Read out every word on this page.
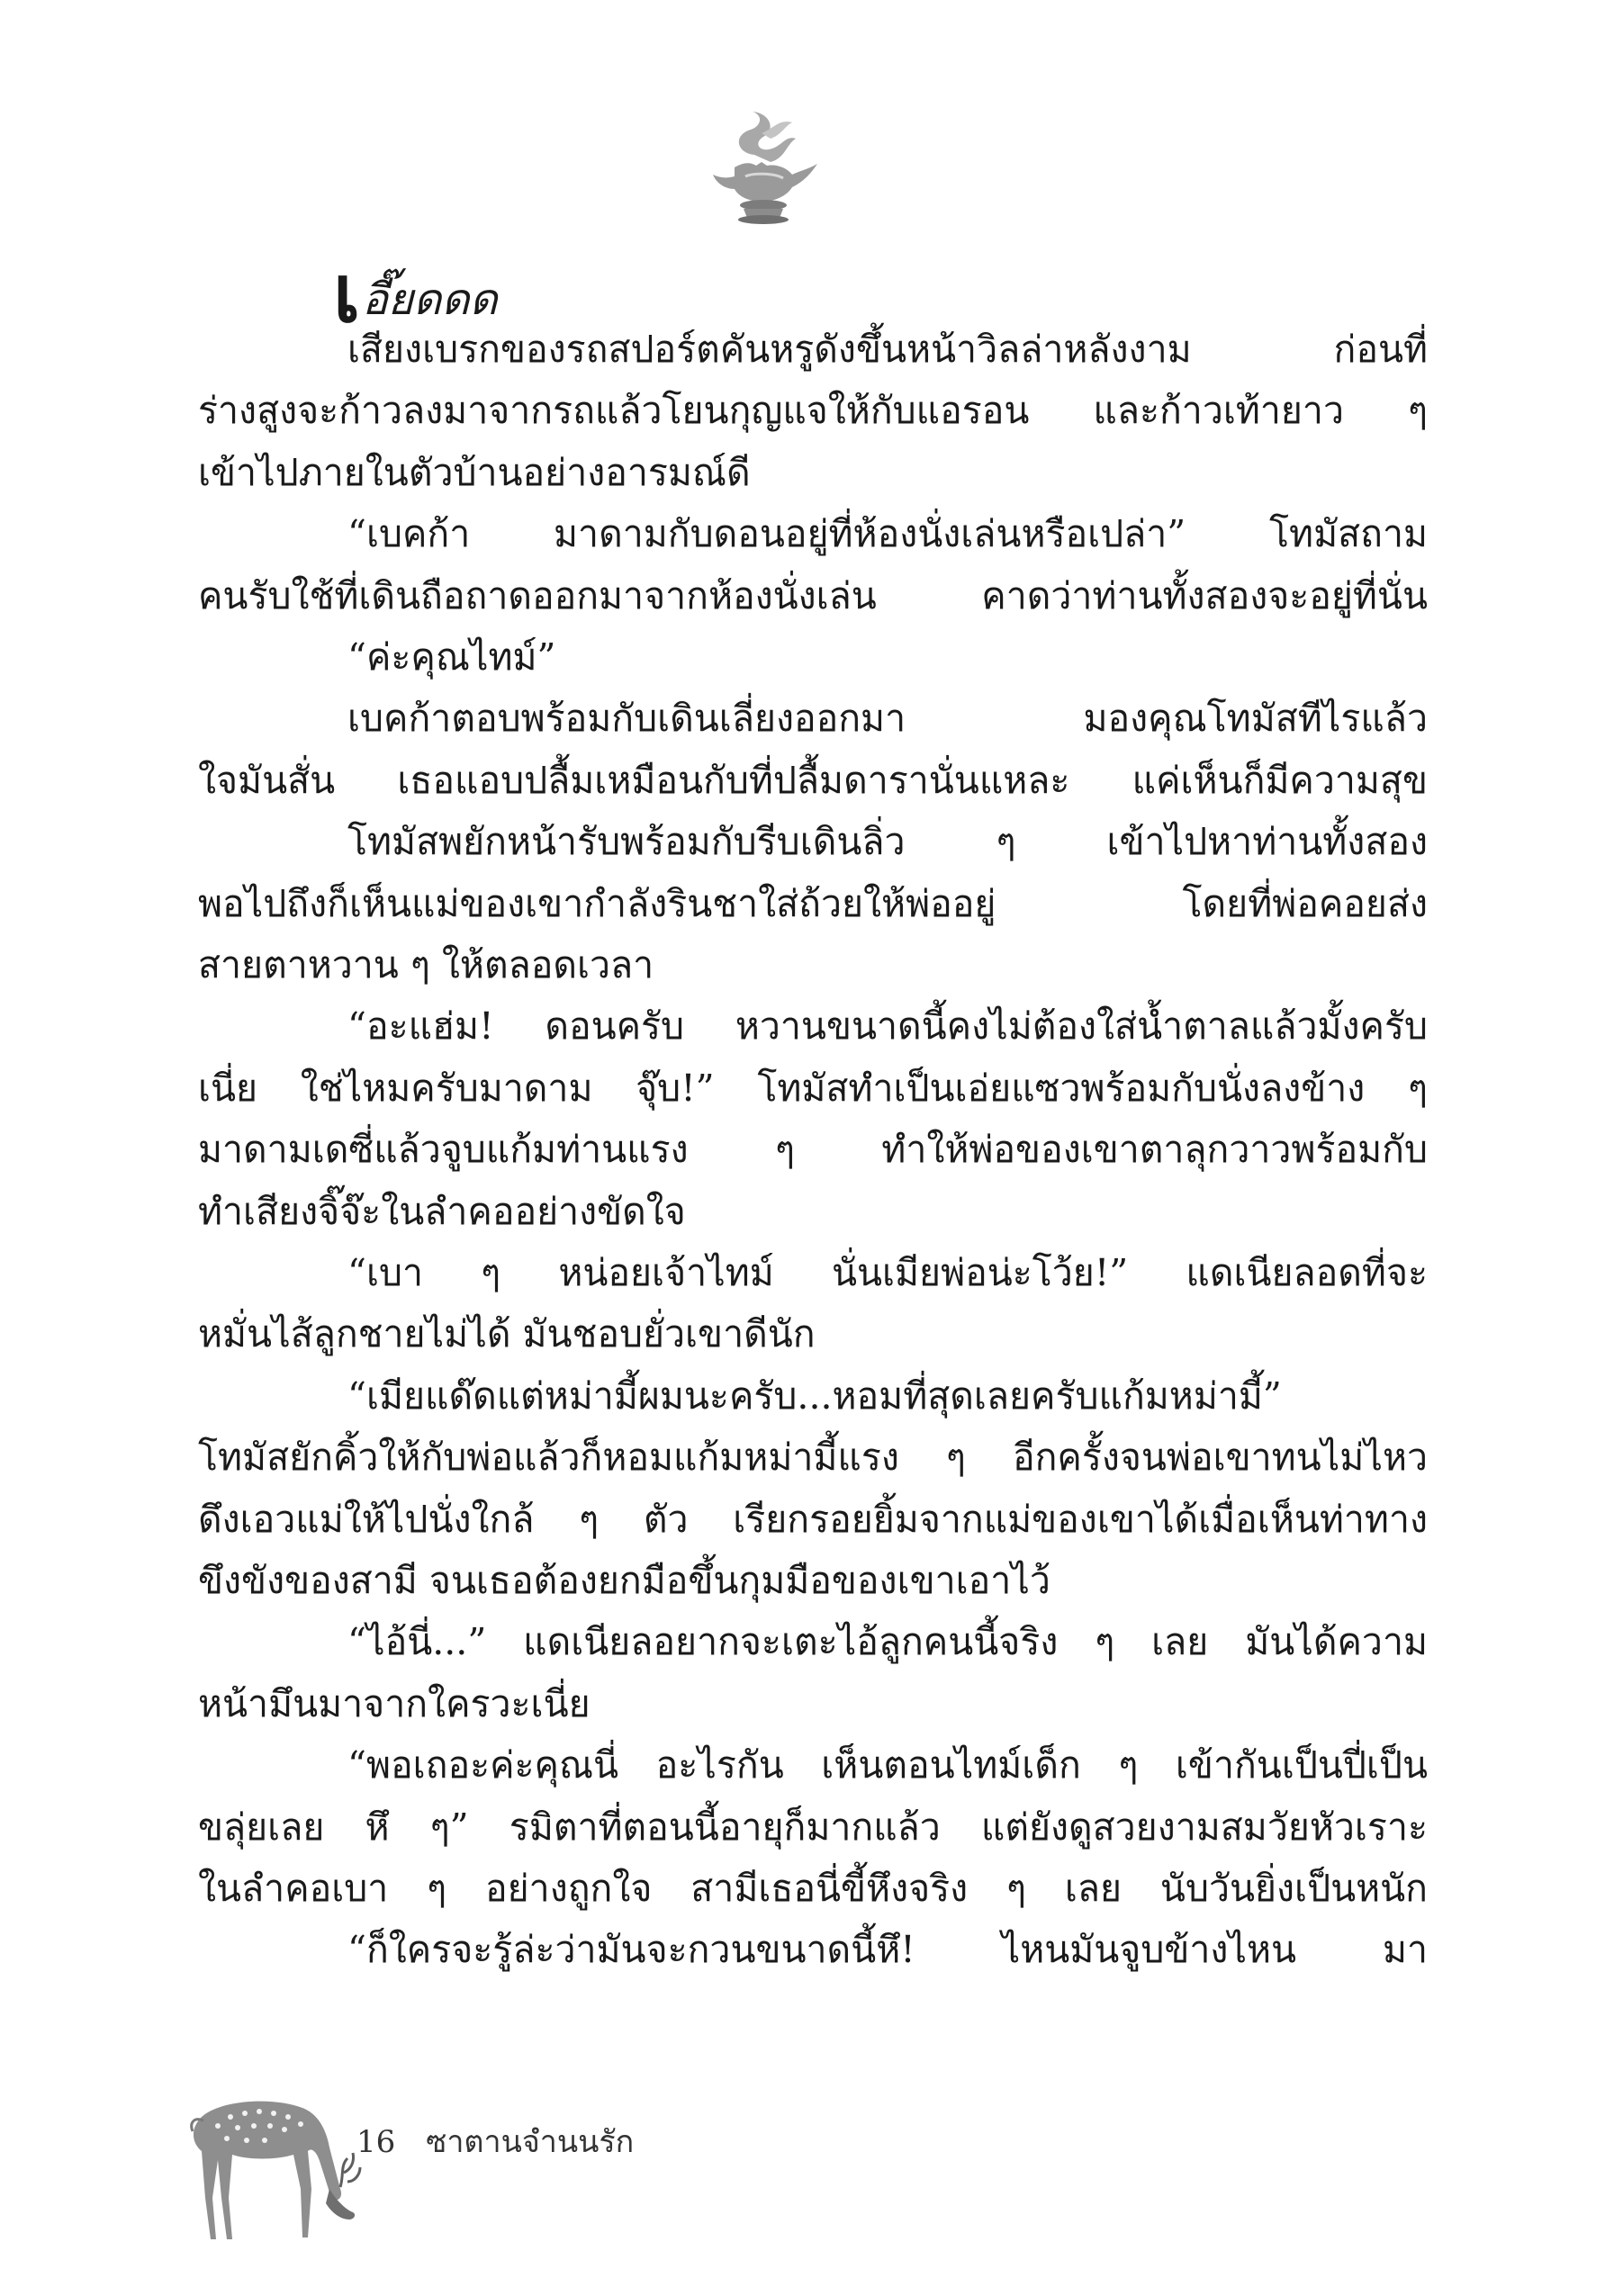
เอี๊ยดดด
เสียงเบรกของรถสปอร์ตคันหรูดังขึ้นหน้าวิลล่าหลังงาม ก่อนที่
ร่างสูงจะก้าวลงมาจากรถแล้วโยนกุญแจให้กับแอรอน และก้าวเท้ายาว ๆ
เข้าไปภายในตัวบ้านอย่างอารมณ์ดี
“เบคก้า มาดามกับดอนอยู่ที่ห้องนั่งเล่นหรือเปล่า” โทมัสถาม
คนรับใช้ที่เดินถือถาดออกมาจากห้องนั่งเล่น คาดว่าท่านทั้งสองจะอยู่ที่นั่น
“ค่ะคุณไทม์”
เบคก้าตอบพร้อมกับเดินเลี่ยงออกมา มองคุณโทมัสทีไรแล้ว
ใจมันสั่น เธอแอบปลื้มเหมือนกับที่ปลื้มดารานั่นแหละ แค่เห็นก็มีความสุข
โทมัสพยักหน้ารับพร้อมกับรีบเดินลิ่ว ๆ เข้าไปหาท่านทั้งสอง
พอไปถึงก็เห็นแม่ของเขากำลังรินชาใส่ถ้วยให้พ่ออยู่ โดยที่พ่อคอยส่ง
สายตาหวาน ๆ ให้ตลอดเวลา
“อะแฮ่ม! ดอนครับ หวานขนาดนี้คงไม่ต้องใส่น้ำตาลแล้วมั้งครับ
เนี่ย ใช่ไหมครับมาดาม จุ๊บ!” โทมัสทำเป็นเอ่ยแซวพร้อมกับนั่งลงข้าง ๆ
มาดามเดซี่แล้วจูบแก้มท่านแรง ๆ ทำให้พ่อของเขาตาลุกวาวพร้อมกับ
ทำเสียงจิ๊จ๊ะในลำคออย่างขัดใจ
“เบา ๆ หน่อยเจ้าไทม์ นั่นเมียพ่อน่ะโว้ย!” แดเนียลอดที่จะ
หมั่นไส้ลูกชายไม่ได้ มันชอบยั่วเขาดีนัก
“เมียแด๊ดแต่หม่ามี้ผมนะครับ...หอมที่สุดเลยครับแก้มหม่ามี้”
โทมัสยักคิ้วให้กับพ่อแล้วก็หอมแก้มหม่ามี้แรง ๆ อีกครั้งจนพ่อเขาทนไม่ไหว
ดึงเอวแม่ให้ไปนั่งใกล้ ๆ ตัว เรียกรอยยิ้มจากแม่ของเขาได้เมื่อเห็นท่าทาง
ขึงขังของสามี จนเธอต้องยกมือขึ้นกุมมือของเขาเอาไว้
“ไอ้นี่...” แดเนียลอยากจะเตะไอ้ลูกคนนี้จริง ๆ เลย มันได้ความ
หน้ามึนมาจากใครวะเนี่ย
“พอเถอะค่ะคุณนี่ อะไรกัน เห็นตอนไทม์เด็ก ๆ เข้ากันเป็นปี่เป็น
ขลุ่ยเลย หึ ๆ” รมิตาที่ตอนนี้อายุก็มากแล้ว แต่ยังดูสวยงามสมวัยหัวเราะ
ในลำคอเบา ๆ อย่างถูกใจ สามีเธอนี่ขี้หึงจริง ๆ เลย นับวันยิ่งเป็นหนัก
“ก็ใครจะรู้ล่ะว่ามันจะกวนขนาดนี้หึ! ไหนมันจูบข้างไหน มา
16 ซาตานจำนนรัก
